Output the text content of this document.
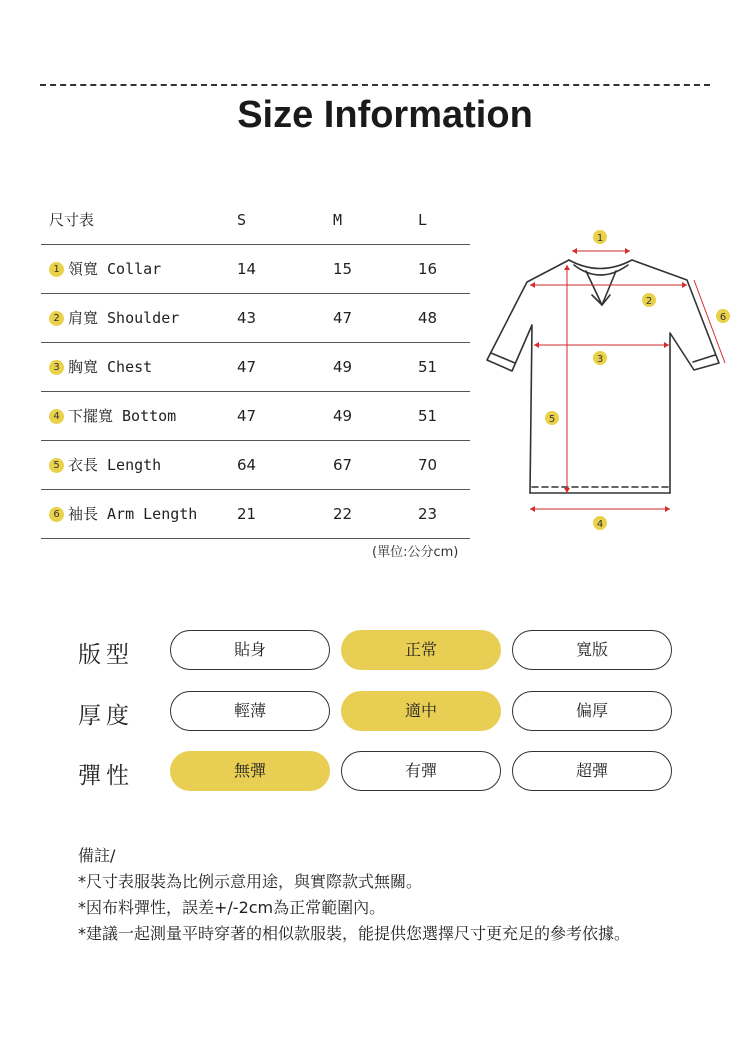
Size Information
尺寸表	S	M	L
1 領寬 Collar	14	15	16
2 肩寬 Shoulder	43	47	48
3 胸寬 Chest	47	49	51
4 下擺寬 Bottom	47	49	51
5 衣長 Length	64	67	70
6 袖長 Arm Length	21	22	23
(單位:公分cm)
1
2
3
4
5
6
版型	貼身	正常	寬版
厚度	輕薄	適中	偏厚
彈性	無彈	有彈	超彈
備註/
*尺寸表服裝為比例示意用途，與實際款式無關。
*因布料彈性，誤差+/-2cm為正常範圍內。
*建議一起測量平時穿著的相似款服裝，能提供您選擇尺寸更充足的參考依據。
